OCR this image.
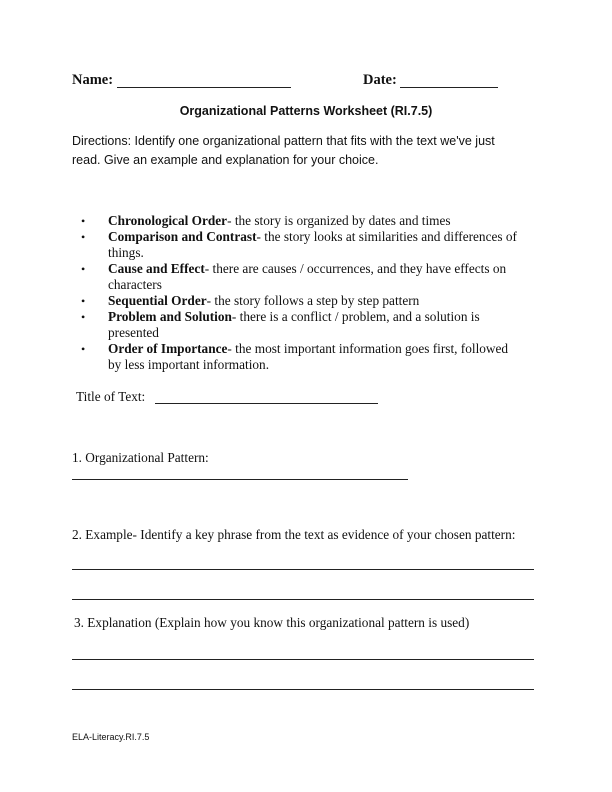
Name:	Date:
Organizational Patterns Worksheet (RI.7.5)
Directions: Identify one organizational pattern that fits with the text we've just
read. Give an example and explanation for your choice.
• Chronological Order- the story is organized by dates and times
• Comparison and Contrast- the story looks at similarities and differences of
things.
• Cause and Effect- there are causes / occurrences, and they have effects on
characters
• Sequential Order- the story follows a step by step pattern
• Problem and Solution- there is a conflict / problem, and a solution is
presented
• Order of Importance- the most important information goes first, followed
by less important information.
Title of Text:
1. Organizational Pattern:
2. Example- Identify a key phrase from the text as evidence of your chosen pattern:
3. Explanation (Explain how you know this organizational pattern is used)
ELA-Literacy.RI.7.5
